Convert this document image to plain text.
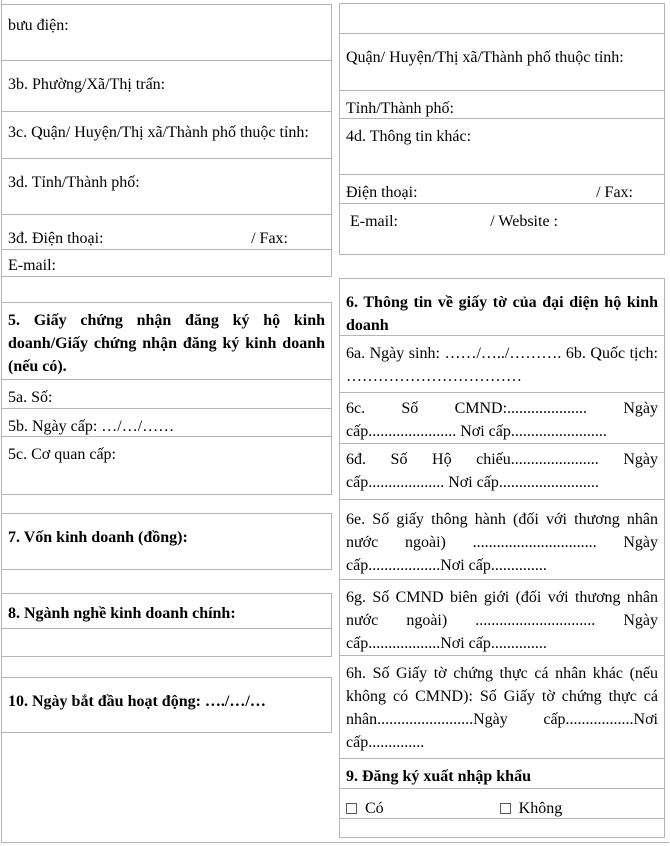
bưu điện:
3b. Phường/Xã/Thị trấn:
3c. Quận/ Huyện/Thị xã/Thành phố thuộc tỉnh:
3d. Tỉnh/Thành phố:
3đ. Điện thoại:	/ Fax:
E-mail:
5. Giấy chứng nhận đăng ký hộ kinh doanh/Giấy chứng nhận đăng ký kinh doanh (nếu có).
5a. Số:
5b. Ngày cấp: …/…/……
5c. Cơ quan cấp:
7. Vốn kinh doanh (đồng):
8. Ngành nghề kinh doanh chính:
10. Ngày bắt đầu hoạt động: …./…/…
Quận/ Huyện/Thị xã/Thành phố thuộc tỉnh:
Tỉnh/Thành phố:
4d. Thông tin khác:
Điện thoại:	/ Fax:
E-mail:	/ Website :
6. Thông tin về giấy tờ của đại diện hộ kinh doanh
6a. Ngày sinh: ……/…../………. 6b. Quốc tịch: ……………………………
6c. Số CMND:.................... Ngày cấp...................... Nơi cấp........................
6đ. Số Hộ chiếu...................... Ngày cấp................... Nơi cấp.........................
6e. Số giấy thông hành (đối với thương nhân nước ngoài) ............................... Ngày cấp..................Nơi cấp..............
6g. Số CMND biên giới (đối với thương nhân nước ngoài) .............................. Ngày cấp..................Nơi cấp..............
6h. Số Giấy tờ chứng thực cá nhân khác (nếu không có CMND): Số Giấy tờ chứng thực cá nhân........................Ngày cấp.................Nơi cấp..............
9. Đăng ký xuất nhập khẩu
Có
	Không
